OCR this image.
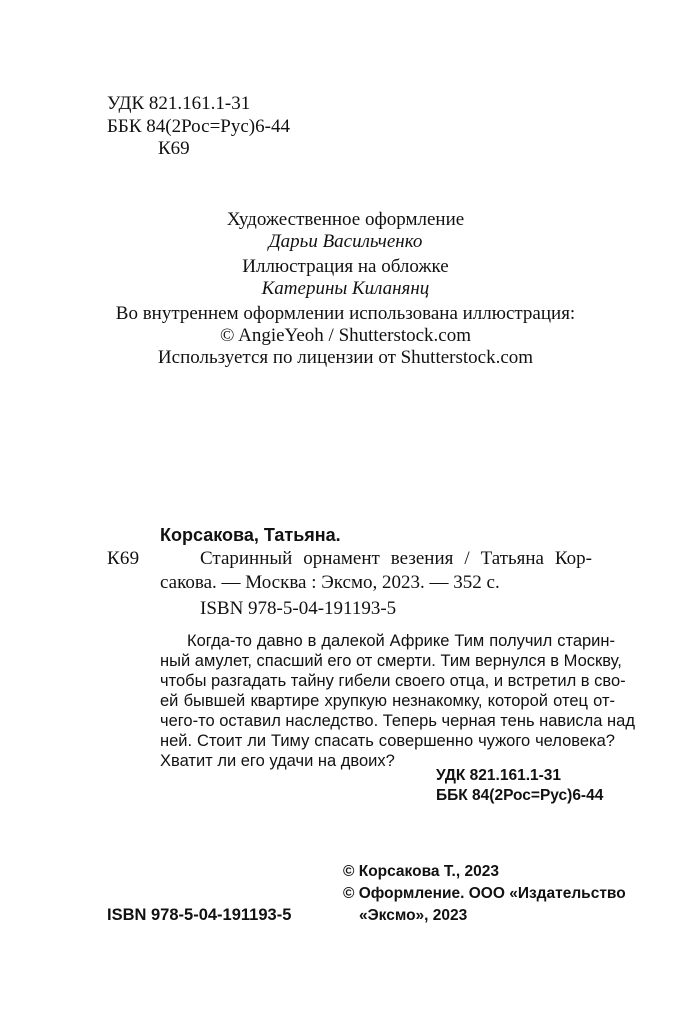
УДК 821.161.1-31
ББК 84(2Рос=Рус)6-44
К69
Художественное оформление
Дарьи Васильченко
Иллюстрация на обложке
Катерины Киланянц
Во внутреннем оформлении использована иллюстрация:
© AngieYeoh / Shutterstock.com
Используется по лицензии от Shutterstock.com
Корсакова, Татьяна.
К69	Старинный орнамент везения / Татьяна Кор-
сакова. — Москва : Эксмо, 2023. — 352 с.
ISBN 978-5-04-191193-5
Когда-то давно в далекой Африке Тим получил старин-
ный амулет, спасший его от смерти. Тим вернулся в Москву,
чтобы разгадать тайну гибели своего отца, и встретил в сво-
ей бывшей квартире хрупкую незнакомку, которой отец от-
чего-то оставил наследство. Теперь черная тень нависла над
ней. Стоит ли Тиму спасать совершенно чужого человека?
Хватит ли его удачи на двоих?
УДК 821.161.1-31
ББК 84(2Рос=Рус)6-44
© Корсакова Т., 2023
© Оформление. ООО «Издательство
«Эксмо», 2023
ISBN 978-5-04-191193-5
